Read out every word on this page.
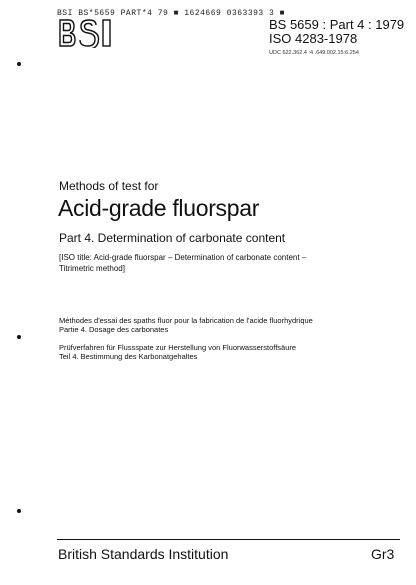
BSI BS*5659 PART*4 79 ■ 1624669 0363393 3 ■
BS 5659 : Part 4 : 1979
ISO 4283-1978
UDC 622.362.4 :4 .649.002.15:6.254
Methods of test for
Acid-grade fluorspar
Part 4. Determination of carbonate content
[ISO title: Acid-grade fluorspar – Determination of carbonate content –
Titrimetric method]
Méthodes d'essai des spaths fluor pour la fabrication de l'acide fluorhydrique
Partie 4. Dosage des carbonates
Prüfverfahren für Flussspate zur Herstellung von Fluorwasserstoffsäure
Teil 4. Bestimmung des Karbonatgehaltes
British Standards Institution	Gr3
